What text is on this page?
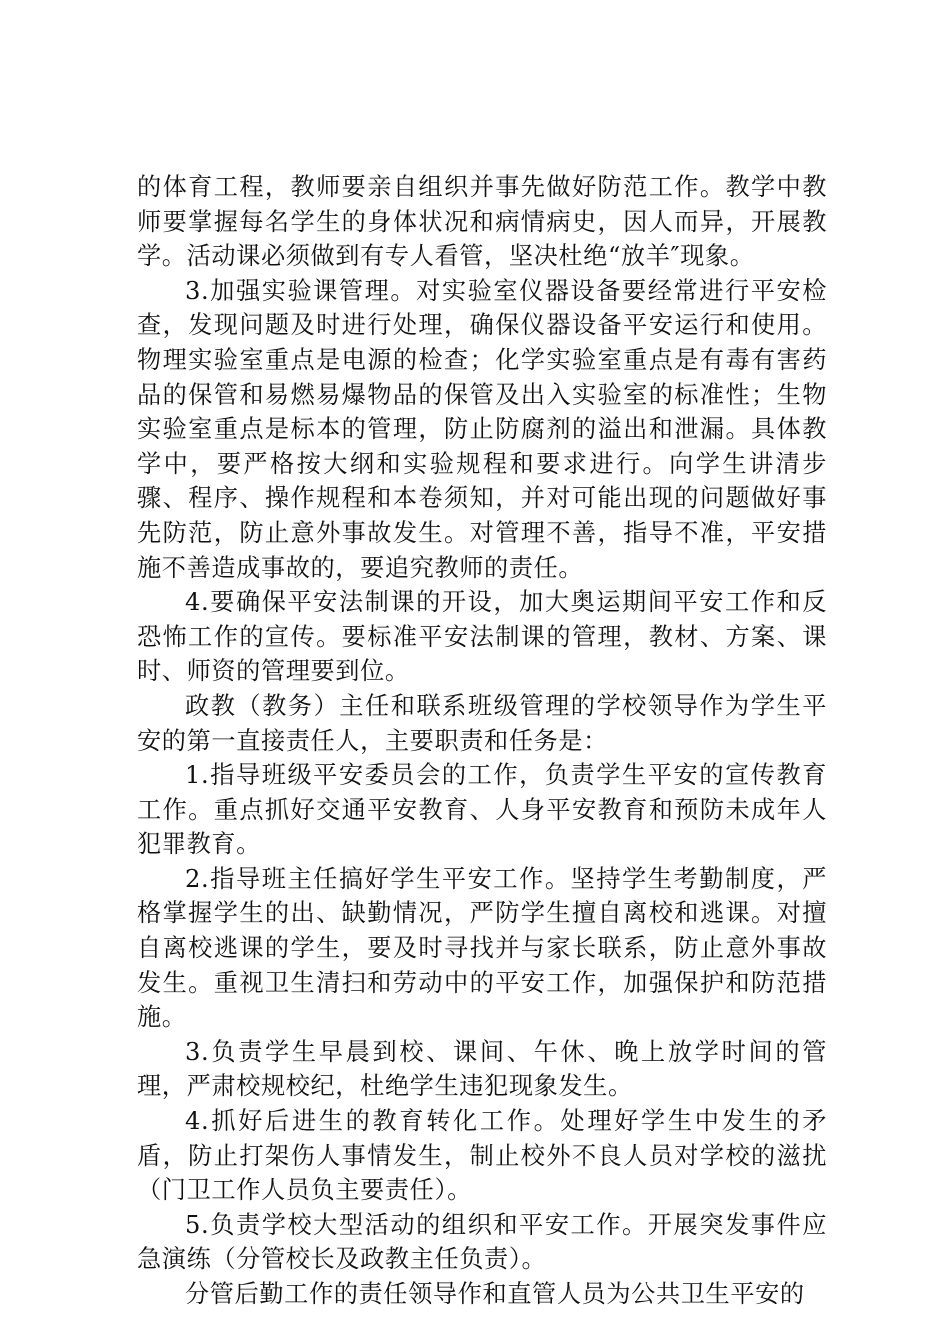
的体育工程，教师要亲自组织并事先做好防范工作。教学中教师要掌握每名学生的身体状况和病情病史，因人而异，开展教学。活动课必须做到有专人看管，坚决杜绝“放羊″现象。

3.加强实验课管理。对实验室仪器设备要经常进行平安检查，发现问题及时进行处理，确保仪器设备平安运行和使用。物理实验室重点是电源的检查；化学实验室重点是有毒有害药品的保管和易燃易爆物品的保管及出入实验室的标准性；生物实验室重点是标本的管理，防止防腐剂的溢出和泄漏。具体教学中，要严格按大纲和实验规程和要求进行。向学生讲清步骤、程序、操作规程和本卷须知，并对可能出现的问题做好事先防范，防止意外事故发生。对管理不善，指导不准，平安措施不善造成事故的，要追究教师的责任。

4.要确保平安法制课的开设，加大奥运期间平安工作和反恐怖工作的宣传。要标准平安法制课的管理，教材、方案、课时、师资的管理要到位。

政教（教务）主任和联系班级管理的学校领导作为学生平安的第一直接责任人，主要职责和任务是：

1.指导班级平安委员会的工作，负责学生平安的宣传教育工作。重点抓好交通平安教育、人身平安教育和预防未成年人犯罪教育。

2.指导班主任搞好学生平安工作。坚持学生考勤制度，严格掌握学生的出、缺勤情况，严防学生擅自离校和逃课。对擅自离校逃课的学生，要及时寻找并与家长联系，防止意外事故发生。重视卫生清扫和劳动中的平安工作，加强保护和防范措施。

3.负责学生早晨到校、课间、午休、晚上放学时间的管理，严肃校规校纪，杜绝学生违犯现象发生。

4.抓好后进生的教育转化工作。处理好学生中发生的矛盾，防止打架伤人事情发生，制止校外不良人员对学校的滋扰（门卫工作人员负主要责任）。

5.负责学校大型活动的组织和平安工作。开展突发事件应急演练（分管校长及政教主任负责）。

分管后勤工作的责任领导作和直管人员为公共卫生平安的
